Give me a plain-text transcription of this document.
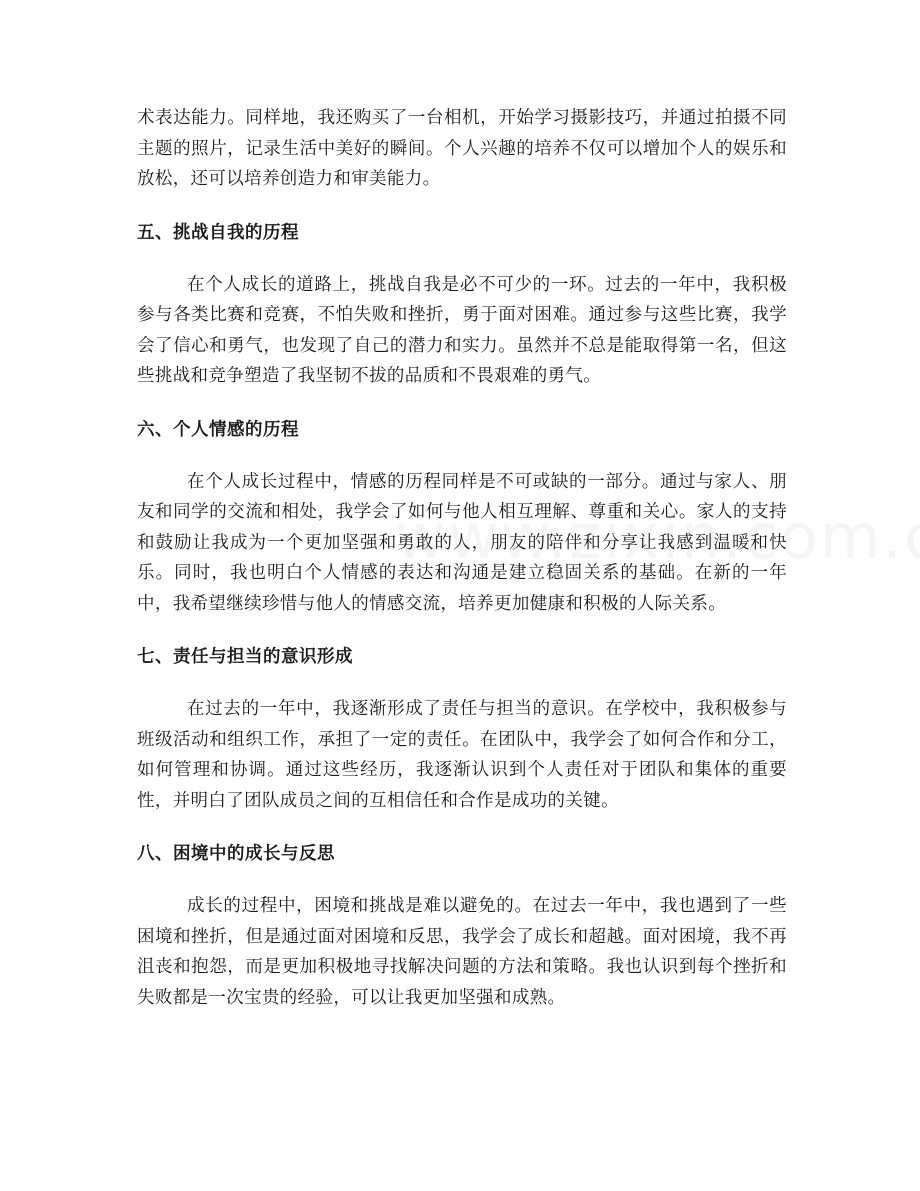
术表达能力。同样地，我还购买了一台相机，开始学习摄影技巧，并通过拍摄不同主题的照片，记录生活中美好的瞬间。个人兴趣的培养不仅可以增加个人的娱乐和放松，还可以培养创造力和审美能力。

五、挑战自我的历程

在个人成长的道路上，挑战自我是必不可少的一环。过去的一年中，我积极参与各类比赛和竞赛，不怕失败和挫折，勇于面对困难。通过参与这些比赛，我学会了信心和勇气，也发现了自己的潜力和实力。虽然并不总是能取得第一名，但这些挑战和竞争塑造了我坚韧不拔的品质和不畏艰难的勇气。

六、个人情感的历程

在个人成长过程中，情感的历程同样是不可或缺的一部分。通过与家人、朋友和同学的交流和相处，我学会了如何与他人相互理解、尊重和关心。家人的支持和鼓励让我成为一个更加坚强和勇敢的人，朋友的陪伴和分享让我感到温暖和快乐。同时，我也明白个人情感的表达和沟通是建立稳固关系的基础。在新的一年中，我希望继续珍惜与他人的情感交流，培养更加健康和积极的人际关系。

七、责任与担当的意识形成

在过去的一年中，我逐渐形成了责任与担当的意识。在学校中，我积极参与班级活动和组织工作，承担了一定的责任。在团队中，我学会了如何合作和分工，如何管理和协调。通过这些经历，我逐渐认识到个人责任对于团队和集体的重要性，并明白了团队成员之间的互相信任和合作是成功的关键。

八、困境中的成长与反思

成长的过程中，困境和挑战是难以避免的。在过去一年中，我也遇到了一些困境和挫折，但是通过面对困境和反思，我学会了成长和超越。面对困境，我不再沮丧和抱怨，而是更加积极地寻找解决问题的方法和策略。我也认识到每个挫折和失败都是一次宝贵的经验，可以让我更加坚强和成熟。
